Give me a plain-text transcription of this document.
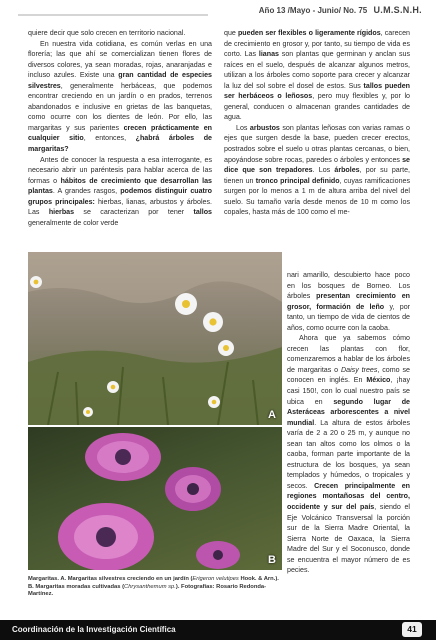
Año 13 /Mayo - Junio/ No. 75 U.M.S.N.H.

quiere decir que solo crecen en territorio nacional.

En nuestra vida cotidiana, es común verlas en una florería; las que ahí se comercializan tienen flores de diversos colores, ya sean moradas, rojas, anaranjadas e incluso azules. Existe una gran cantidad de especies silvestres, generalmente herbáceas, que podemos encontrar creciendo en un jardín o en prados, terrenos abandonados e inclusive en grietas de las banquetas, como ocurre con los dientes de león. Por ello, las margaritas y sus parientes crecen prácticamente en cualquier sitio, entonces, ¿habrá árboles de margaritas?

Antes de conocer la respuesta a esa interrogante, es necesario abrir un paréntesis para hablar acerca de las formas o hábitos de crecimiento que desarrollan las plantas. A grandes rasgos, podemos distinguir cuatro grupos principales: hierbas, lianas, arbustos y árboles. Las hierbas se caracterizan por tener tallos generalmente de color verde

que pueden ser flexibles o ligeramente rígidos, carecen de crecimiento en grosor y, por tanto, su tiempo de vida es corto. Las lianas son plantas que germinan y anclan sus raíces en el suelo, después de alcanzar algunos metros, utilizan a los árboles como soporte para crecer y alcanzar la luz del sol sobre el dosel de estos. Sus tallos pueden ser herbáceos o leñosos, pero muy flexibles y, por lo general, conducen o almacenan grandes cantidades de agua.

Los arbustos son plantas leñosas con varias ramas o ejes que surgen desde la base, pueden crecer erectos, postrados sobre el suelo u otras plantas cercanas, o bien, apoyándose sobre rocas, paredes o árboles y entonces se dice que son trepadores. Los árboles, por su parte, tienen un tronco principal definido, cuyas ramificaciones surgen por lo menos a 1 m de altura arriba del nivel del suelo. Su tamaño varía desde menos de 10 m como los copales, hasta más de 100 como el me-

nari amarillo, descubierto hace poco en los bosques de Borneo. Los árboles presentan crecimiento en grosor, formación de leño y, por tanto, un tiempo de vida de cientos de años, como ocurre con la caoba.

Ahora que ya sabemos cómo crecen las plantas con flor, comenzaremos a hablar de los árboles de margaritas o Daisy trees, como se conocen en inglés. En México, ¡hay casi 150!, con lo cual nuestro país se ubica en segundo lugar de Asteráceas arborescentes a nivel mundial. La altura de estos árboles varía de 2 a 20 o 25 m, y aunque no sean tan altos como los olmos o la caoba, forman parte importante de la estructura de los bosques, ya sean templados y húmedos, o tropicales y secos. Crecen principalmente en regiones montañosas del centro, occidente y sur del país, siendo el Eje Volcánico Transversal la porción sur de la Sierra Madre Oriental, la Sierra Norte de Oaxaca, la Sierra Madre del Sur y el Soconusco, donde se encuentra el mayor número de es pecies.

A
B
Margaritas. A. Margaritas silvestres creciendo en un jardín (Erigeron velutipes Hook. & Arn.). B. Margaritas moradas cultivadas (Chrysanthemum sp.). Fotografías: Rosario Redonda-Martínez.
Coordinación de la Investigación Científica	41
